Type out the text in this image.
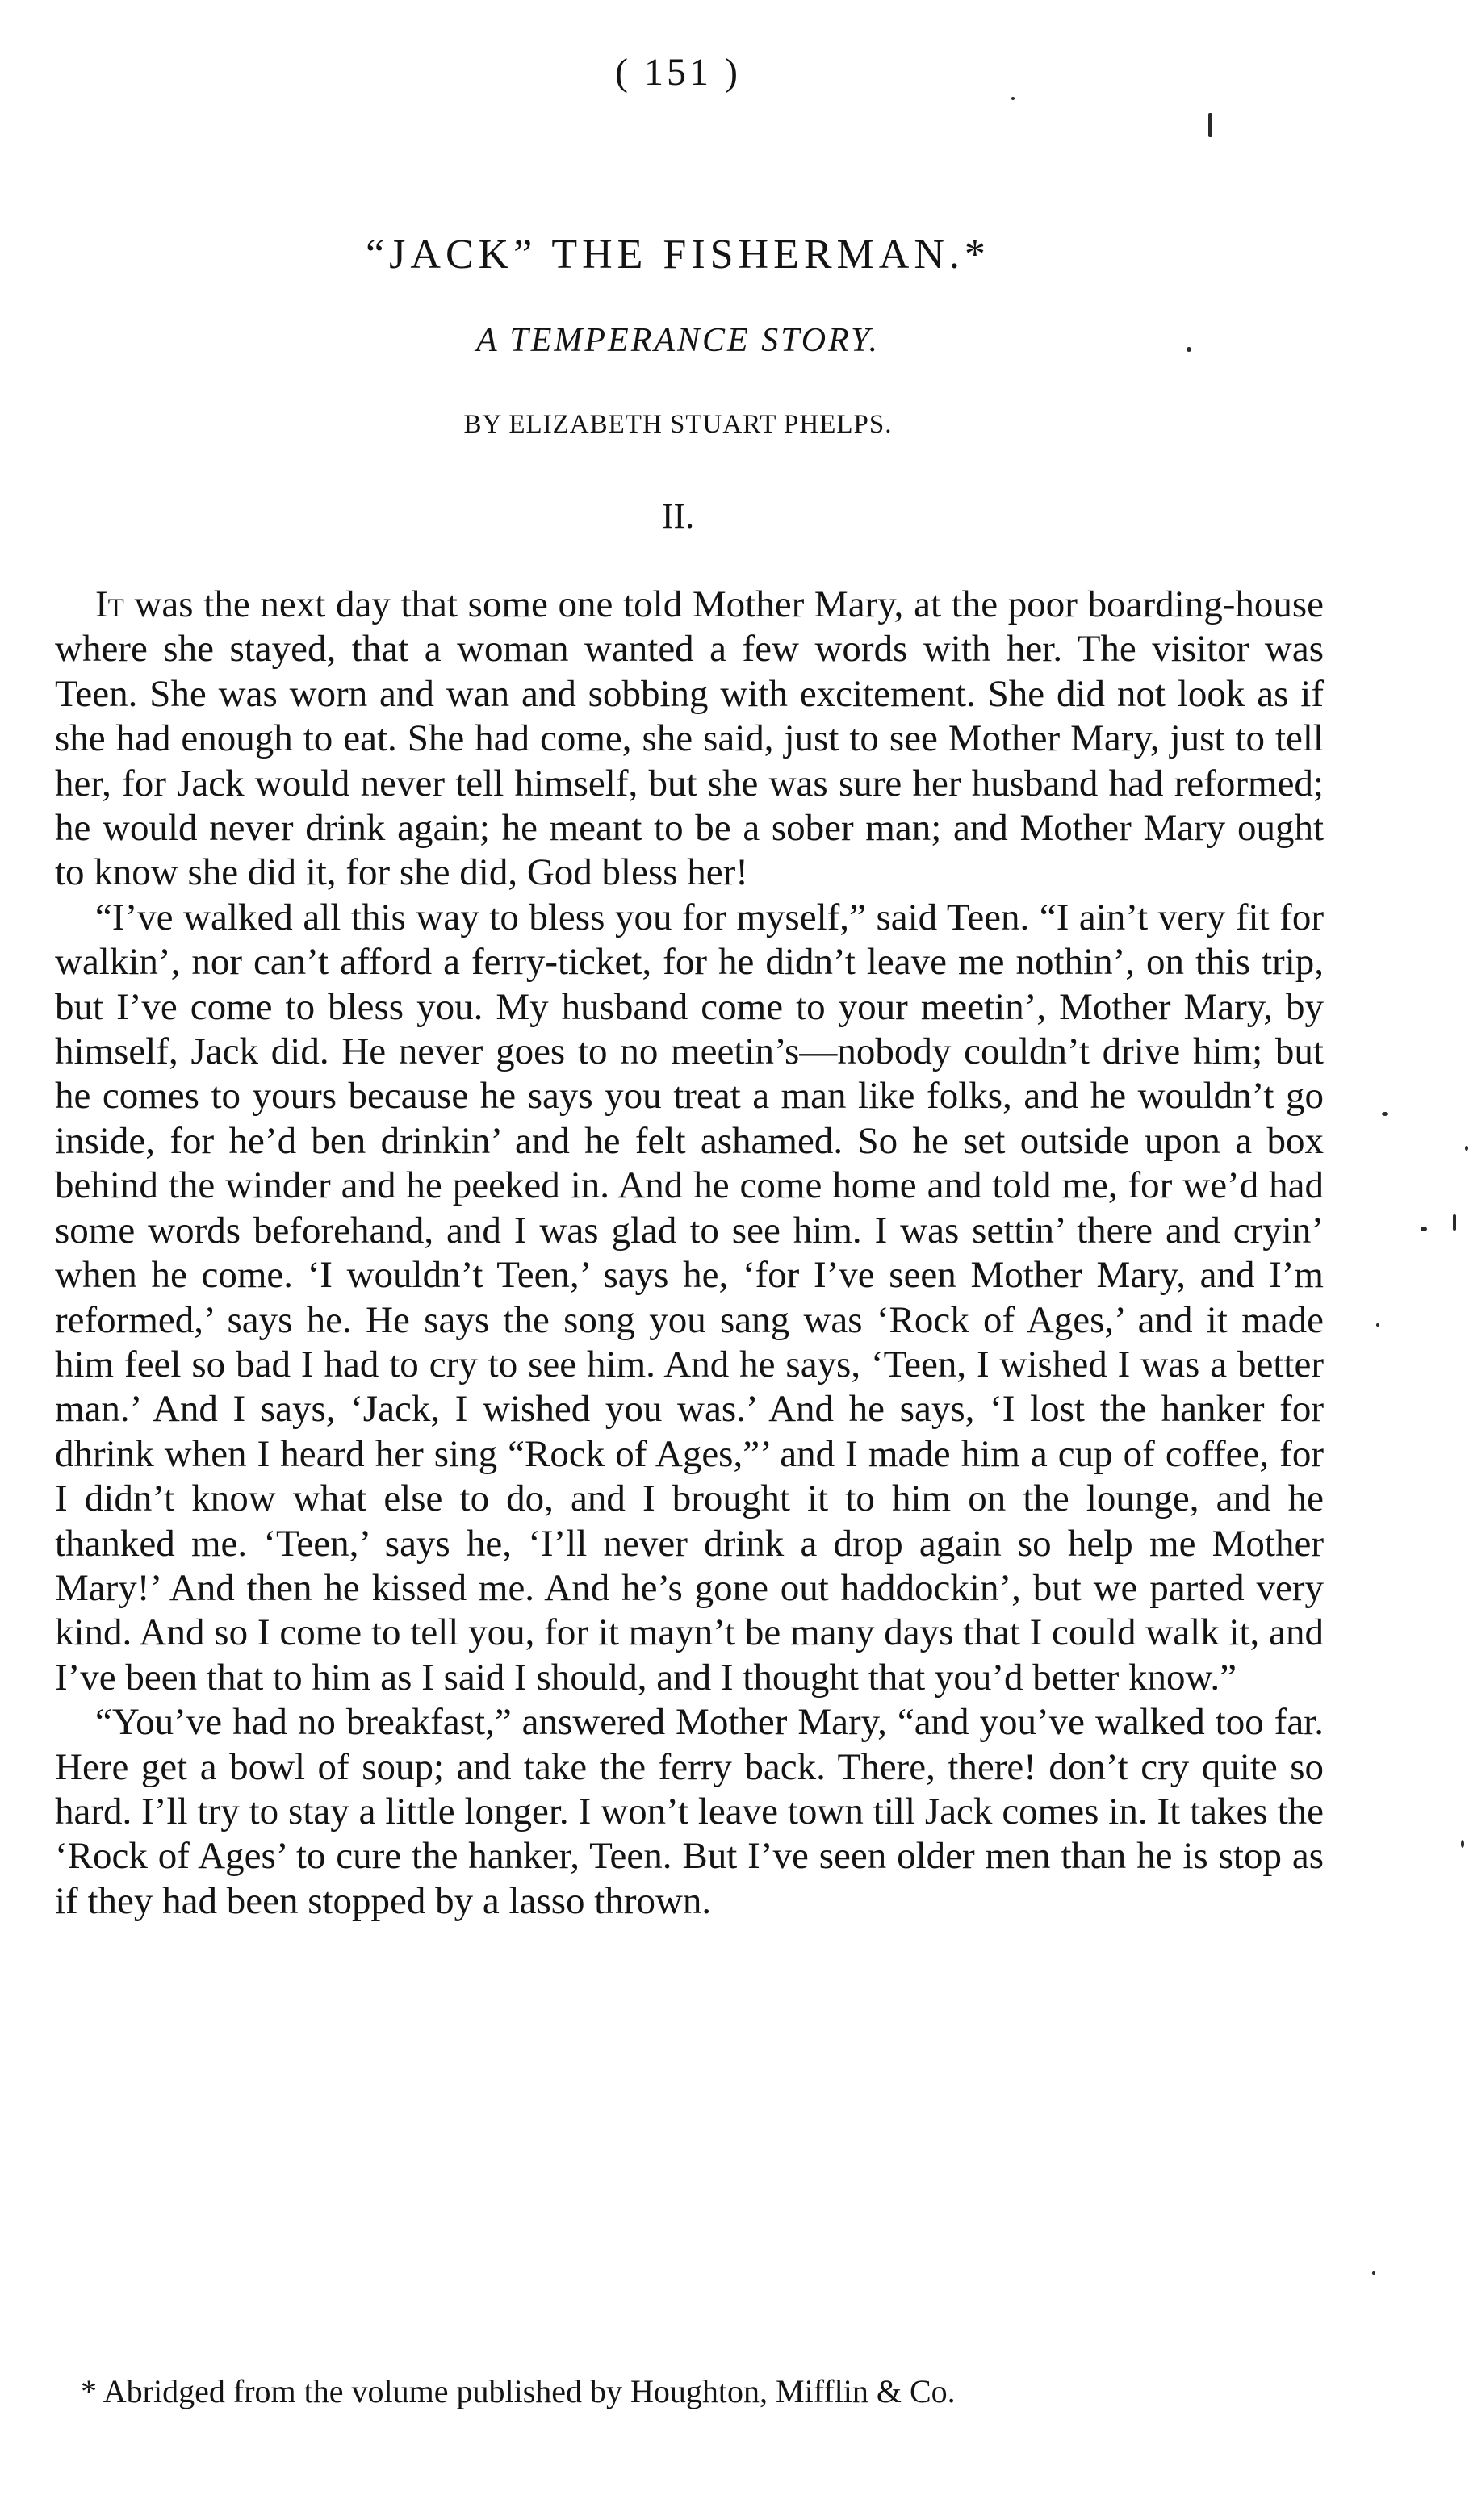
( 151 )
“JACK” THE FISHERMAN.*
A TEMPERANCE STORY.
BY ELIZABETH STUART PHELPS.
II.

It was the next day that some one told Mother Mary, at the poor boarding-house where she stayed, that a woman wanted a few words with her. The visitor was Teen. She was worn and wan and sobbing with excitement. She did not look as if she had enough to eat. She had come, she said, just to see Mother Mary, just to tell her, for Jack would never tell himself, but she was sure her husband had reformed; he would never drink again; he meant to be a sober man; and Mother Mary ought to know she did it, for she did, God bless her!

“I’ve walked all this way to bless you for myself,” said Teen. “I ain’t very fit for walkin’, nor can’t afford a ferry-ticket, for he didn’t leave me nothin’, on this trip, but I’ve come to bless you. My husband come to your meetin’, Mother Mary, by himself, Jack did. He never goes to no meetin’s—nobody couldn’t drive him; but he comes to yours because he says you treat a man like folks, and he wouldn’t go inside, for he’d ben drinkin’ and he felt ashamed. So he set outside upon a box behind the winder and he peeked in. And he come home and told me, for we’d had some words beforehand, and I was glad to see him. I was settin’ there and cryin’ when he come. ‘I wouldn’t Teen,’ says he, ‘for I’ve seen Mother Mary, and I’m reformed,’ says he. He says the song you sang was ‘Rock of Ages,’ and it made him feel so bad I had to cry to see him. And he says, ‘Teen, I wished I was a better man.’ And I says, ‘Jack, I wished you was.’ And he says, ‘I lost the hanker for dhrink when I heard her sing “Rock of Ages,”’ and I made him a cup of coffee, for I didn’t know what else to do, and I brought it to him on the lounge, and he thanked me. ‘Teen,’ says he, ‘I’ll never drink a drop again so help me Mother Mary!’ And then he kissed me. And he’s gone out haddockin’, but we parted very kind. And so I come to tell you, for it mayn’t be many days that I could walk it, and I’ve been that to him as I said I should, and I thought that you’d better know.”

“You’ve had no breakfast,” answered Mother Mary, “and you’ve walked too far. Here get a bowl of soup; and take the ferry back. There, there! don’t cry quite so hard. I’ll try to stay a little longer. I won’t leave town till Jack comes in. It takes the ‘Rock of Ages’ to cure the hanker, Teen. But I’ve seen older men than he is stop as if they had been stopped by a lasso thrown.

* Abridged from the volume published by Houghton, Mifflin & Co.
